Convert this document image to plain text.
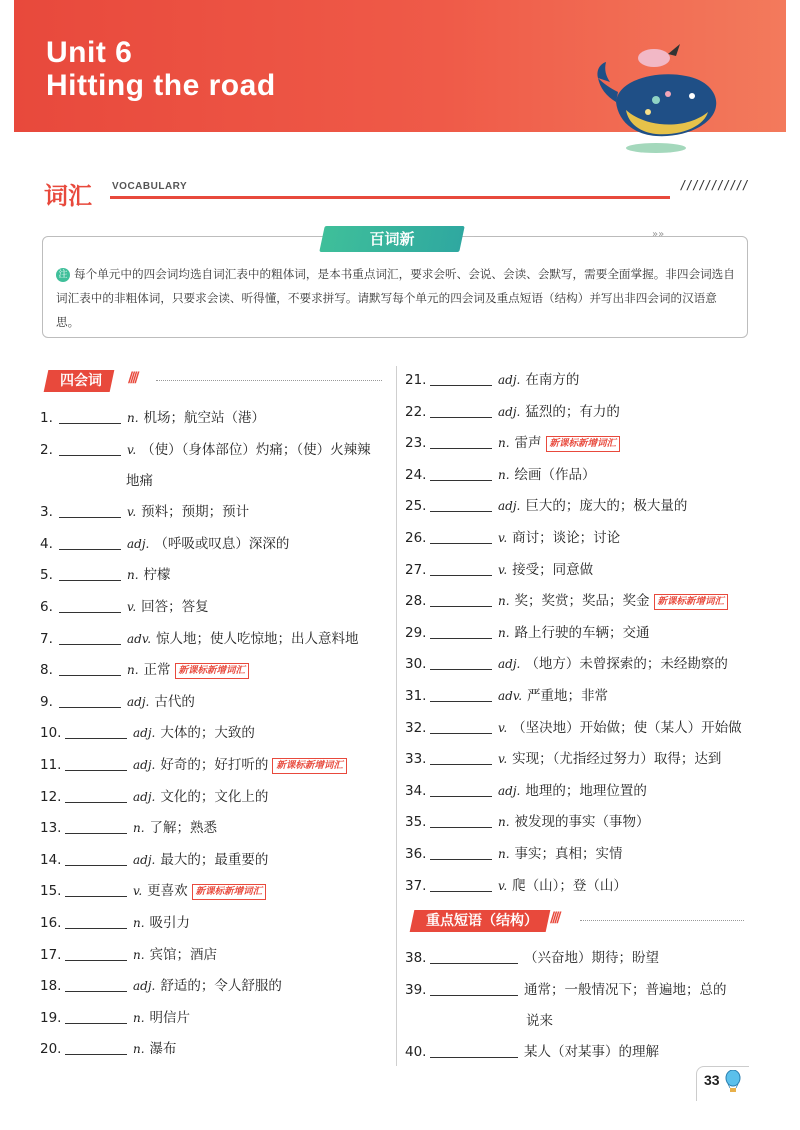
Unit 6
Hitting the road
词汇 VOCABULARY	///////////
百词新	»»
注 每个单元中的四会词均选自词汇表中的粗体词，是本书重点词汇，要求会听、会说、会读、会默写，需要全面掌握。非四会词选自词汇表中的非粗体词，只要求会读、听得懂，不要求拼写。请默写每个单元的四会词及重点短语（结构）并写出非四会词的汉语意思。
四会词	////
1.	n. 机场；航空站（港）
2.	v. （使）（身体部位）灼痛；（使）火辣辣
地痛
3.	v. 预料；预期；预计
4.	adj. （呼吸或叹息）深深的
5.	n. 柠檬
6.	v. 回答；答复
7.	adv. 惊人地；使人吃惊地；出人意料地
8.	n. 正常 新课标新增词汇
9.	adj. 古代的
10.	adj. 大体的；大致的
11.	adj. 好奇的；好打听的 新课标新增词汇
12.	adj. 文化的；文化上的
13.	n. 了解；熟悉
14.	adj. 最大的；最重要的
15.	v. 更喜欢 新课标新增词汇
16.	n. 吸引力
17.	n. 宾馆；酒店
18.	adj. 舒适的；令人舒服的
19.	n. 明信片
20.	n. 瀑布
21.	adj. 在南方的
22.	adj. 猛烈的；有力的
23.	n. 雷声 新课标新增词汇
24.	n. 绘画（作品）
25.	adj. 巨大的；庞大的；极大量的
26.	v. 商讨；谈论；讨论
27.	v. 接受；同意做
28.	n. 奖；奖赏；奖品；奖金 新课标新增词汇
29.	n. 路上行驶的车辆；交通
30.	adj. （地方）未曾探索的；未经勘察的
31.	adv. 严重地；非常
32.	v. （坚决地）开始做；使（某人）开始做
33.	v. 实现；（尤指经过努力）取得；达到
34.	adj. 地理的；地理位置的
35.	n. 被发现的事实（事物）
36.	n. 事实；真相；实情
37.	v. 爬（山）；登（山）
重点短语（结构） ////
38.	（兴奋地）期待；盼望
39.	通常；一般情况下；普遍地；总的
说来
40.	某人（对某事）的理解
33
